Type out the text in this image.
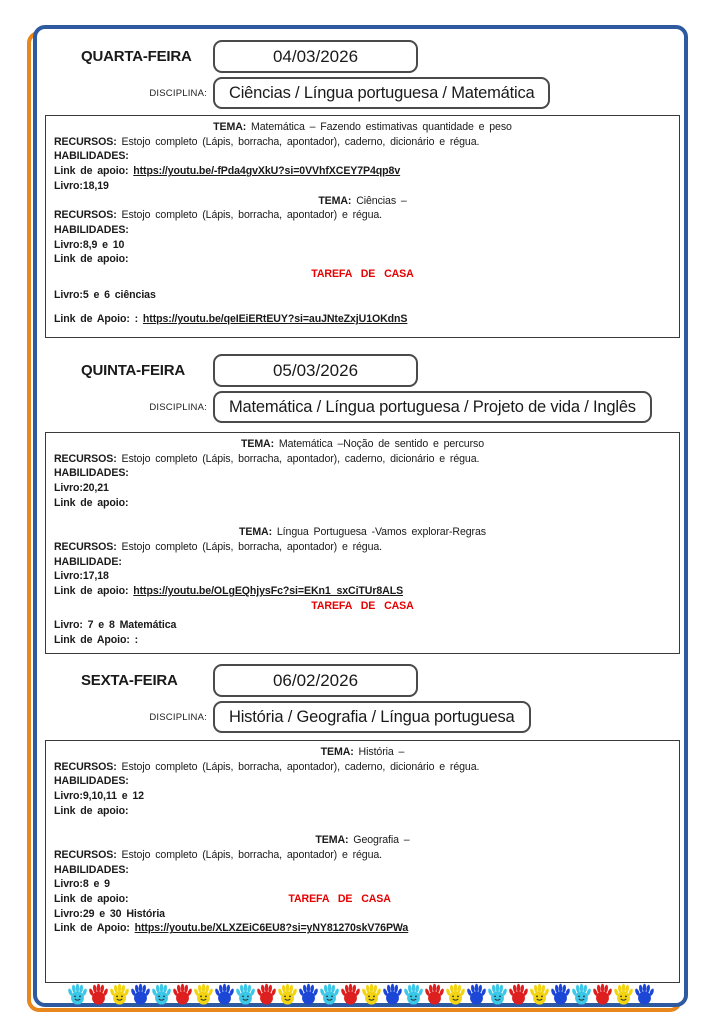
QUARTA-FEIRA	04/03/2026
DISCIPLINA:	Ciências / Língua portuguesa / Matemática
TEMA: Matemática – Fazendo estimativas quantidade e peso
RECURSOS: Estojo completo (Lápis, borracha, apontador), caderno, dicionário e régua.
HABILIDADES:
Link de apoio: https://youtu.be/-fPda4gvXkU?si=0VVhfXCEY7P4qp8v
Livro:18,19
TEMA: Ciências –
RECURSOS: Estojo completo (Lápis, borracha, apontador) e régua.
HABILIDADES:
Livro:8,9 e 10
Link de apoio:
TAREFA DE CASA
Livro:5 e 6 ciências
Link de Apoio: : https://youtu.be/qeIEiERtEUY?si=auJNteZxjU1OKdnS
QUINTA-FEIRA	05/03/2026
DISCIPLINA:	Matemática / Língua portuguesa / Projeto de vida / Inglês
TEMA: Matemática –Noção de sentido e percurso
RECURSOS: Estojo completo (Lápis, borracha, apontador), caderno, dicionário e régua.
HABILIDADES:
Livro:20,21
Link de apoio:

TEMA: Língua Portuguesa -Vamos explorar-Regras
RECURSOS: Estojo completo (Lápis, borracha, apontador) e régua.
HABILIDADE:
Livro:17,18
Link de apoio: https://youtu.be/OLgEQhjysFc?si=EKn1_sxCiTUr8ALS
TAREFA DE CASA
Livro: 7 e 8 Matemática
Link de Apoio: :
SEXTA-FEIRA	06/02/2026
DISCIPLINA:	História / Geografia / Língua portuguesa
TEMA: História –
RECURSOS: Estojo completo (Lápis, borracha, apontador), caderno, dicionário e régua.
HABILIDADES:
Livro:9,10,11 e 12
Link de apoio:

TEMA: Geografia –
RECURSOS: Estojo completo (Lápis, borracha, apontador) e régua.
HABILIDADES:
Livro:8 e 9
Link de apoio:	TAREFA DE CASA
Livro:29 e 30 História
Link de Apoio: https://youtu.be/XLXZEiC6EU8?si=yNY81270skV76PWa
